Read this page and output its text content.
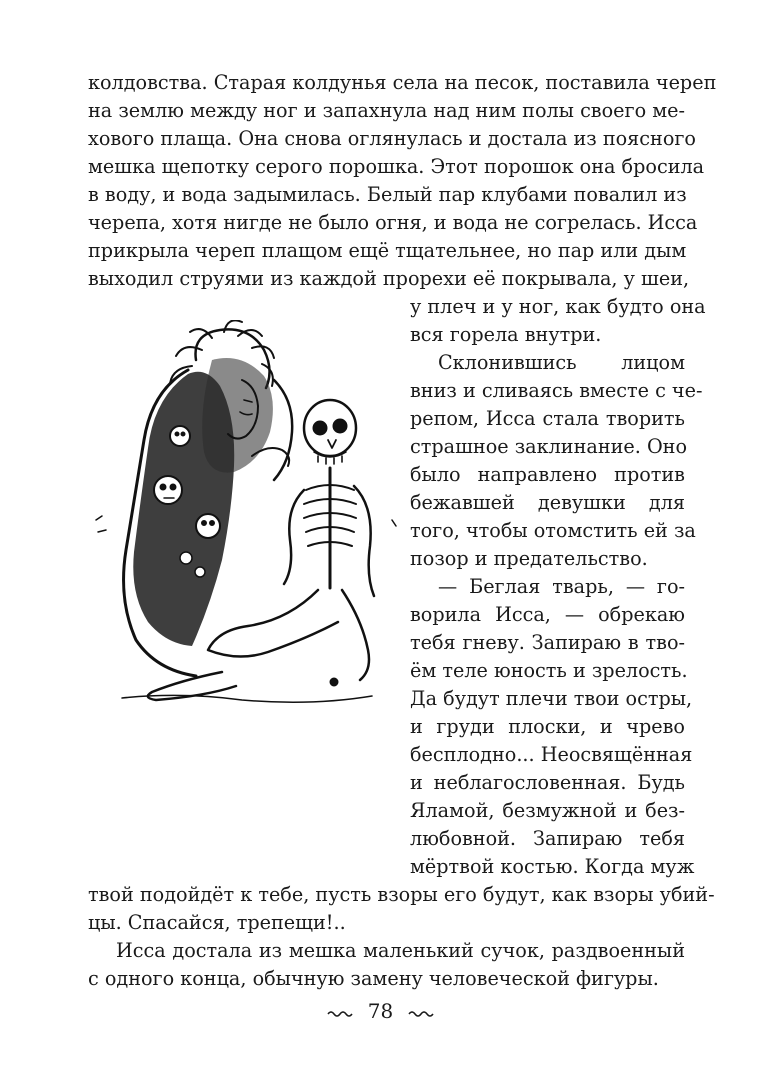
колдовства. Старая колдунья села на песок, поставила череп
на землю между ног и запахнула над ним полы своего ме-
хового плаща. Она снова оглянулась и достала из поясного
мешка щепотку серого порошка. Этот порошок она бросила
в воду, и вода задымилась. Белый пар клубами повалил из
черепа, хотя нигде не было огня, и вода не согрелась. Исса
прикрыла череп плащом ещё тщательнее, но пар или дым
выходил струями из каждой прорехи её покрывала, у шеи,
у плеч и у ног, как будто она
вся горела внутри.
Склонившись лицом
вниз и сливаясь вместе с че-
репом, Исса стала творить
страшное заклинание. Оно
было направлено против
бежавшей девушки для
того, чтобы отомстить ей за
позор и предательство.
— Беглая тварь, — го-
ворила Исса, — обрекаю
тебя гневу. Запираю в тво-
ём теле юность и зрелость.
Да будут плечи твои остры,
и груди плоски, и чрево
бесплодно... Неосвящённая
и неблагословенная. Будь
Яламой, безмужной и без-
любовной. Запираю тебя
мёртвой костью. Когда муж
твой подойдёт к тебе, пусть взоры его будут, как взоры убий-
цы. Спасайся, трепещи!..
Исса достала из мешка маленький сучок, раздвоенный
с одного конца, обычную замену человеческой фигуры.
78
